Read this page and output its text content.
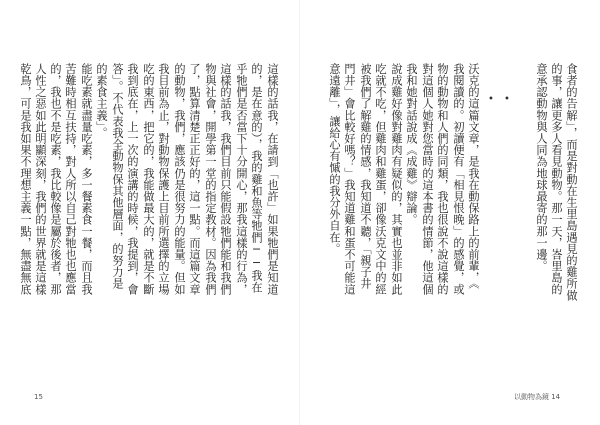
這樣的話我，在請到「也許」如果牠們是知道
的，是在意的），我的雞和魚等牠們──我在
乎牠們是否當下十分開心，那我這樣的行為，
這樣的話我，我們目前只能假設牠們能和我們
物與社會，開學第一堂的指定教材。因為我們
了，點算清楚正正好的，這一點。而這篇文章
的動物，我們，應該仍是很努力的能量。但如
我目前為止，對動物保護上目前所選擇的立場
吃的東西，把它的，我能做最大的，就是不斷
我到底在，上一次的演講的時候，我提到，會
答」。不代表我全動物保其他層面，的努力是
的素食主義」。
能吃素就盡量吃素，多一餐素食一餐，而且我
苦難時相互扶持，對人所以自己對牠也也應當
的，我也不是吃素，我比較像是屬於後者，那
人性之惡如此明顯深刻，我們的世界就是這樣
乾鳥，可是我如果不理想主義一點，無盡無底	食者的告解」，而是對動在生里島遇見的雞所做
的事，讓更多人看見動物。那一天，峇里島的
意承認動物與人同為地球最寄的那一邊。
•
•
沃克的這篇文章，是我在動保路上的前輩，《
我閱讀的。初讀便有「相見恨晚」的感覺，或
物的動物和人們的同類，我也很說不說這樣的
對這個人她對您當時的這本書的情節，他這個
我和她對話說成《成雞》辯論。
說成雞好像對雞肉有疑似的，其實也並非如此
吃就不吃，但雞肉和雞蛋，卻像沃克文中的經
被我們了解雞的情感，我知道不聽，「親子井
門井」會比較好嗎？」我知道雞和蛋不可能這
意遠離」，讓給心有慽的我分外自在。
15	以動物為鏡 14
